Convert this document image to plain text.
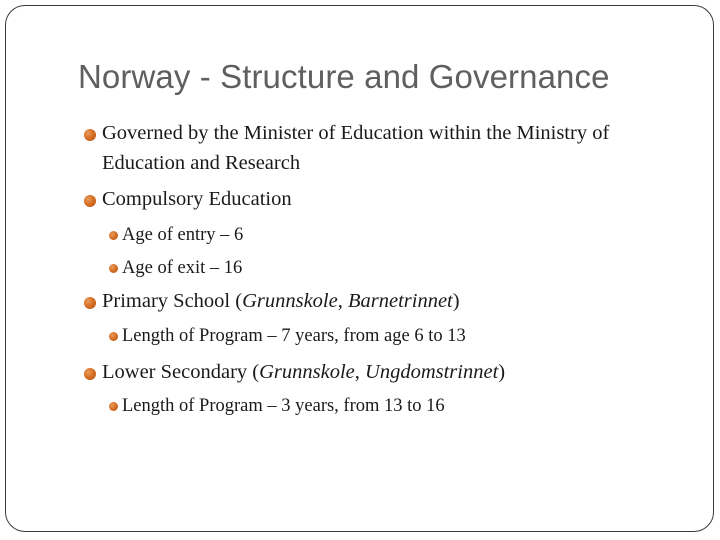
Norway - Structure and Governance
Governed by the Minister of Education within the Ministry of
Education and Research
Compulsory Education
Age of entry – 6
Age of exit – 16
Primary School (Grunnskole, Barnetrinnet)
Length of Program – 7 years, from age 6 to 13
Lower Secondary (Grunnskole, Ungdomstrinnet)
Length of Program – 3 years, from 13 to 16
